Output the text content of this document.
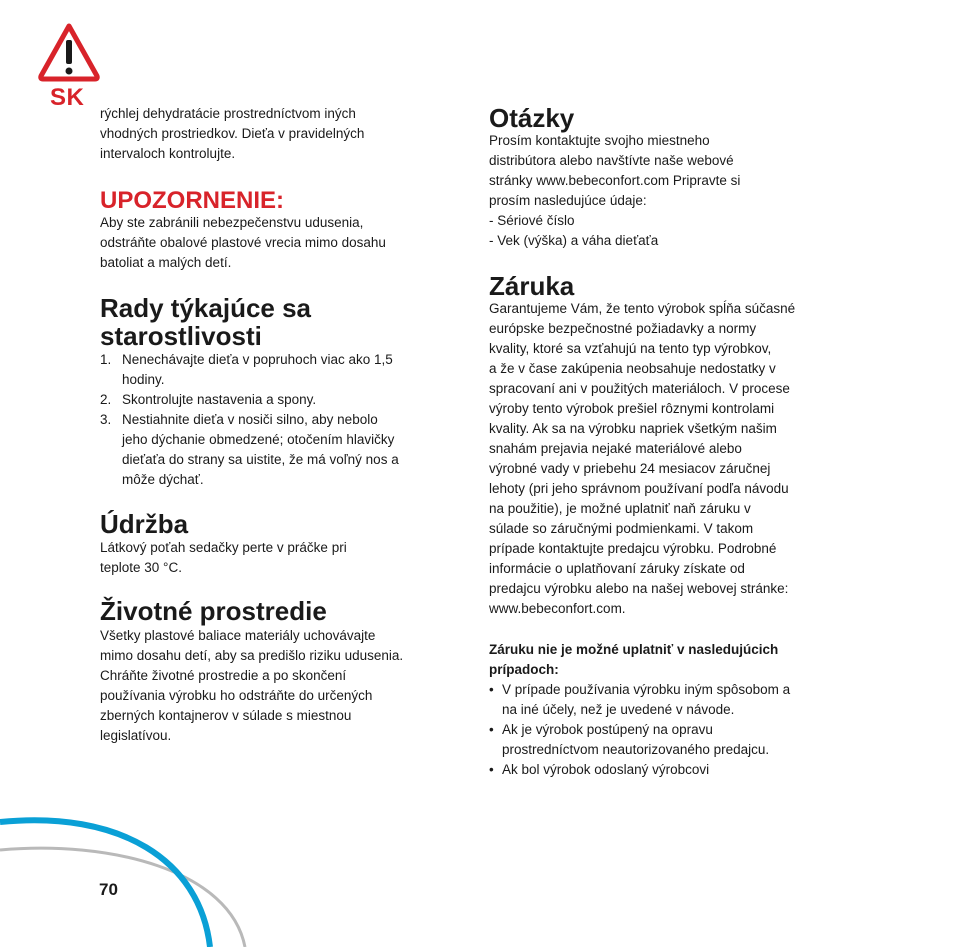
SK

rýchlej dehydratácie prostredníctvom iných
vhodných prostriedkov. Dieťa v pravidelných
intervaloch kontrolujte.

UPOZORNENIE:

Aby ste zabránili nebezpečenstvu udusenia,
odstráňte obalové plastové vrecia mimo dosahu
batoliat a malých detí.

Rady týkajúce sa
starostlivosti
1. Nenechávajte dieťa v popruhoch viac ako 1,5
hodiny.
2. Skontrolujte nastavenia a spony.
3. Nestiahnite dieťa v nosiči silno, aby nebolo
jeho dýchanie obmedzené; otočením hlavičky
dieťaťa do strany sa uistite, že má voľný nos a
môže dýchať.
Údržba

Látkový poťah sedačky perte v práčke pri
teplote 30 °C.

Životné prostredie

Všetky plastové baliace materiály uchovávajte
mimo dosahu detí, aby sa predišlo riziku udusenia.
Chráňte životné prostredie a po skončení
používania výrobku ho odstráňte do určených
zberných kontajnerov v súlade s miestnou
legislatívou.

Otázky

Prosím kontaktujte svojho miestneho
distribútora alebo navštívte naše webové
stránky www.bebeconfort.com Pripravte si
prosím nasledujúce údaje:

- Sériové číslo

- Vek (výška) a váha dieťaťa

Záruka

Garantujeme Vám, že tento výrobok spĺňa súčasné
európske bezpečnostné požiadavky a normy
kvality, ktoré sa vzťahujú na tento typ výrobkov,
a že v čase zakúpenia neobsahuje nedostatky v
spracovaní ani v použitých materiáloch. V procese
výroby tento výrobok prešiel rôznymi kontrolami
kvality. Ak sa na výrobku napriek všetkým našim
snahám prejavia nejaké materiálové alebo
výrobné vady v priebehu 24 mesiacov záručnej
lehoty (pri jeho správnom používaní podľa návodu
na použitie), je možné uplatniť naň záruku v
súlade so záručnými podmienkami. V takom
prípade kontaktujte predajcu výrobku. Podrobné
informácie o uplatňovaní záruky získate od
predajcu výrobku alebo na našej webovej stránke:
www.bebeconfort.com.

Záruku nie je možné uplatniť v nasledujúcich
prípadoch:

• V prípade používania výrobku iným spôsobom a
na iné účely, než je uvedené v návode.
• Ak je výrobok postúpený na opravu
prostredníctvom neautorizovaného predajcu.
• Ak bol výrobok odoslaný výrobcovi
70
